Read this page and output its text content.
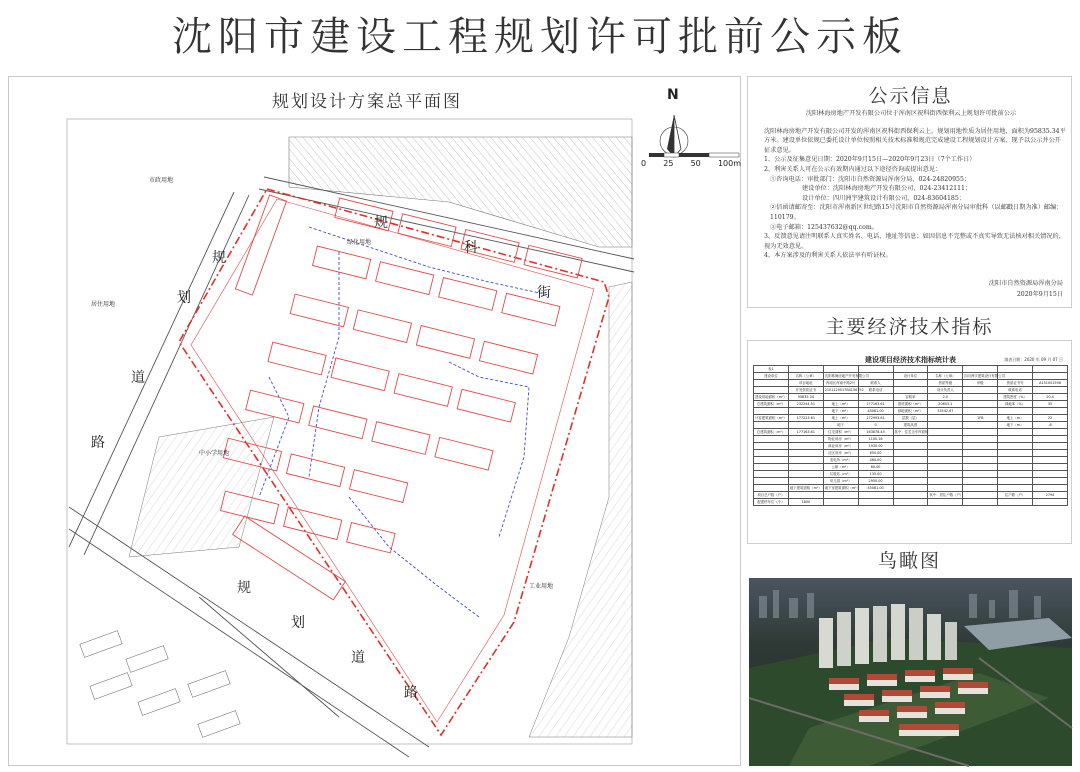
沈阳市建设工程规划许可批前公示板
规划设计方案总平面图	N
0 25 50 100m
规
划
道
路
规
划
道
路
规
科
街
市政用地
居住用地
绿化用地
中小学用地
工业用地
公示信息
沈阳林海房地产开发有限公司位于浑南区祝科街西保利云上规划许可批前公示
沈阳林海房地产开发有限公司开发的浑南区祝科街西保利云上，规划用地性质为居住用地，面积为95835.34平方米。建设单位依规已委托设计单位按照相关技术标准和规范完成建设工程规划设计方案，现予以公示并公开征求意见。
1、公示及征集意见日期：2020年9月15日—2020年9月23日（7个工作日）
2、利害关系人可在公示有效期内通过以下途径咨询或提出意见：
①咨询电话：审批部门：沈阳市自然资源局浑南分局，024-24820955；
建设单位：沈阳林海房地产开发有限公司，024-23412111；
设计单位：四川洲宇建筑设计有限公司，024-83604185；
②信函请邮寄至：沈阳市浑南新区世纪路15号沈阳市自然资源局浑南分局审批科（以邮戳日期为准）邮编：110179。
③电子邮箱：125437632@qq.com。
3、反馈意见请注明联系人真实姓名、电话、地址等信息；如因信息不完整或不真实导致无法核对相关情况的，视为无效意见。
4、本方案涉及的利害关系人依法享有听证权。
沈阳市自然资源局浑南分局
2020年9月15日
主要经济技术指标
建设项目经济技术指标统计表	填表日期：2020 年 09 月 07 日
表1								
建设单位	名称（公章）	沈阳林海房地产开发有限公司		设计单位	名称（公章）	四川洲宇建筑设计有限公司		
	项目地址	浑南区浑南中路2号	联系人		资质等级	甲级	资质证书号	A151001598
	开发资质证书	2101120017B4156752	联系电话		设计负责人		联系电话	
建设用地面积（m²）	95835.34			容积率	2.0		建筑密度（%）	20.4
总建筑面积（m²）	232244.51	地上（m²）	177163.61	基底面积（m²）	20603.1		绿地率（%）	35
		地下（m²）	45081.00	绿地面积（m²）	33542.67			
计容建筑面积（m²）	177223.61	地上（m²）	172993.61	层数（层）		1FB	地上（m）	22
		地下	0	建筑高度			地下（m）	-6
总建筑面积（m²）	177163.61	住宅面积（m²）	163878.45	其中：住宅含车库面积				
		物业用房（m²）	1100.16					
		商业用房（m²）	1930.00					
		社区用房（m²）	650.00					
		变电所（m²）	460.00					
		公厕（m²）	60.00					
		垃圾站（m²）	135.00					
		幼儿园（m²）	2950.00					
	地下建筑面积（m²）	地下室建筑面积（m²）	45081.00					
项目总户数（户）					其中：居住户数（户）		住户数（户）	2794
配建停车位（个）	1800							
鸟瞰图
